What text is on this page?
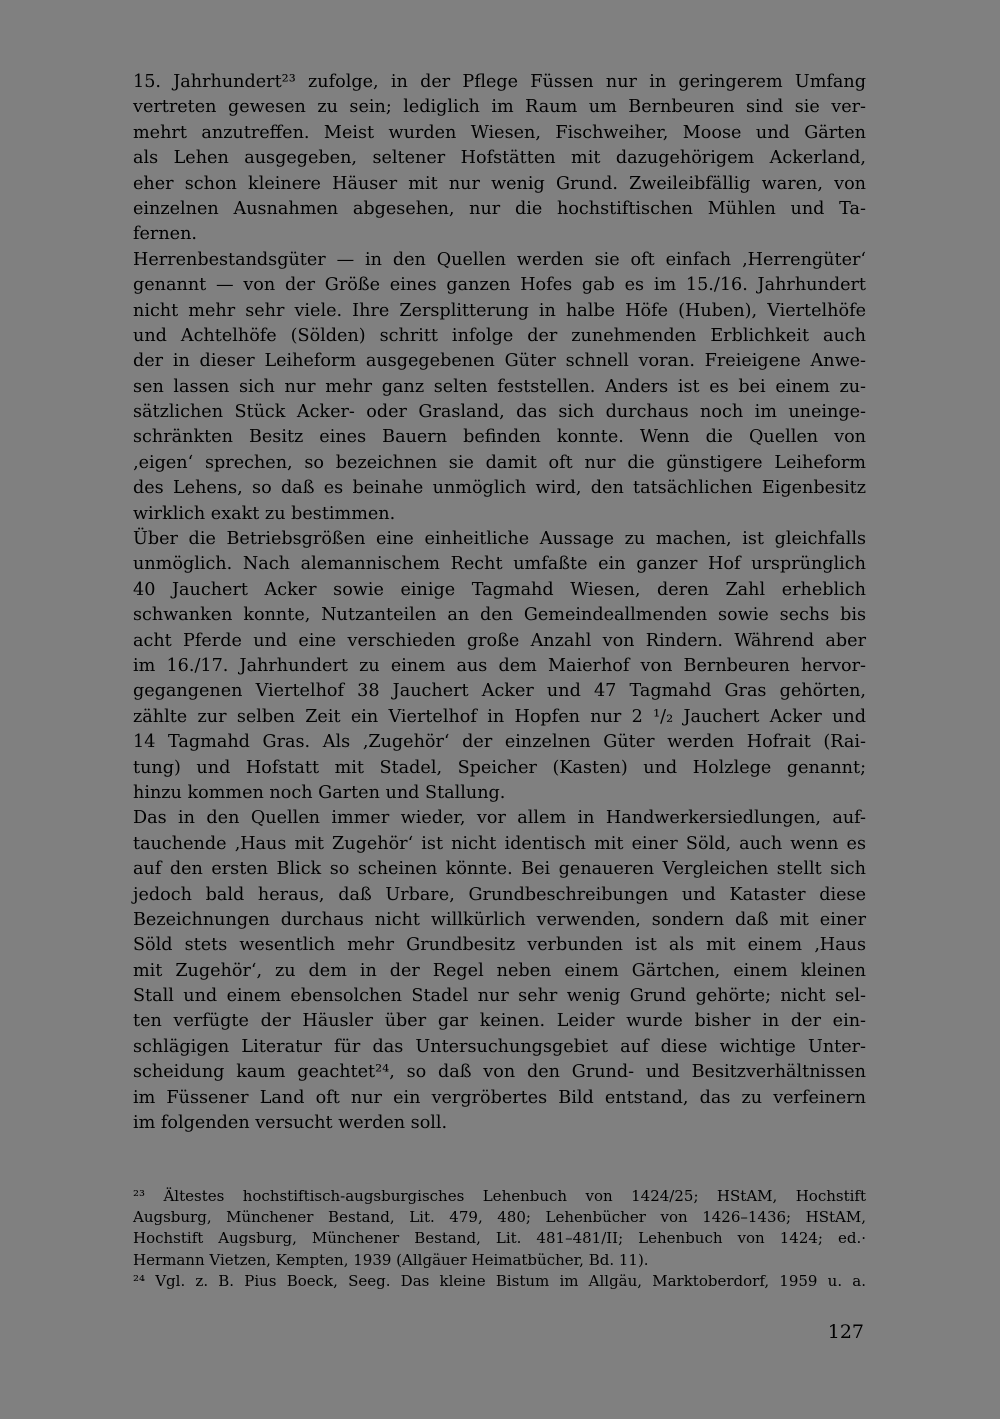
15. Jahrhundert²³ zufolge, in der Pflege Füssen nur in geringerem Umfang
vertreten gewesen zu sein; lediglich im Raum um Bernbeuren sind sie ver-
mehrt anzutreffen. Meist wurden Wiesen, Fischweiher, Moose und Gärten
als Lehen ausgegeben, seltener Hofstätten mit dazugehörigem Ackerland,
eher schon kleinere Häuser mit nur wenig Grund. Zweileibfällig waren, von
einzelnen Ausnahmen abgesehen, nur die hochstiftischen Mühlen und Ta-
fernen.
Herrenbestandsgüter — in den Quellen werden sie oft einfach ‚Herrengüter‘
genannt — von der Größe eines ganzen Hofes gab es im 15./16. Jahrhundert
nicht mehr sehr viele. Ihre Zersplitterung in halbe Höfe (Huben), Viertelhöfe
und Achtelhöfe (Sölden) schritt infolge der zunehmenden Erblichkeit auch
der in dieser Leiheform ausgegebenen Güter schnell voran. Freieigene Anwe-
sen lassen sich nur mehr ganz selten feststellen. Anders ist es bei einem zu-
sätzlichen Stück Acker- oder Grasland, das sich durchaus noch im uneinge-
schränkten Besitz eines Bauern befinden konnte. Wenn die Quellen von
‚eigen‘ sprechen, so bezeichnen sie damit oft nur die günstigere Leiheform
des Lehens, so daß es beinahe unmöglich wird, den tatsächlichen Eigenbesitz
wirklich exakt zu bestimmen.
Über die Betriebsgrößen eine einheitliche Aussage zu machen, ist gleichfalls
unmöglich. Nach alemannischem Recht umfaßte ein ganzer Hof ursprünglich
40 Jauchert Acker sowie einige Tagmahd Wiesen, deren Zahl erheblich
schwanken konnte, Nutzanteilen an den Gemeindeallmenden sowie sechs bis
acht Pferde und eine verschieden große Anzahl von Rindern. Während aber
im 16./17. Jahrhundert zu einem aus dem Maierhof von Bernbeuren hervor-
gegangenen Viertelhof 38 Jauchert Acker und 47 Tagmahd Gras gehörten,
zählte zur selben Zeit ein Viertelhof in Hopfen nur 2 ¹/₂ Jauchert Acker und
14 Tagmahd Gras. Als ‚Zugehör‘ der einzelnen Güter werden Hofrait (Rai-
tung) und Hofstatt mit Stadel, Speicher (Kasten) und Holzlege genannt;
hinzu kommen noch Garten und Stallung.
Das in den Quellen immer wieder, vor allem in Handwerkersiedlungen, auf-
tauchende ‚Haus mit Zugehör‘ ist nicht identisch mit einer Söld, auch wenn es
auf den ersten Blick so scheinen könnte. Bei genaueren Vergleichen stellt sich
jedoch bald heraus, daß Urbare, Grundbeschreibungen und Kataster diese
Bezeichnungen durchaus nicht willkürlich verwenden, sondern daß mit einer
Söld stets wesentlich mehr Grundbesitz verbunden ist als mit einem ‚Haus
mit Zugehör‘, zu dem in der Regel neben einem Gärtchen, einem kleinen
Stall und einem ebensolchen Stadel nur sehr wenig Grund gehörte; nicht sel-
ten verfügte der Häusler über gar keinen. Leider wurde bisher in der ein-
schlägigen Literatur für das Untersuchungsgebiet auf diese wichtige Unter-
scheidung kaum geachtet²⁴, so daß von den Grund- und Besitzverhältnissen
im Füssener Land oft nur ein vergröbertes Bild entstand, das zu verfeinern
im folgenden versucht werden soll.
²³ Ältestes hochstiftisch-augsburgisches Lehenbuch von 1424/25; HStAM, Hochstift
Augsburg, Münchener Bestand, Lit. 479, 480; Lehenbücher von 1426–1436; HStAM,
Hochstift Augsburg, Münchener Bestand, Lit. 481–481/II; Lehenbuch von 1424; ed.·
Hermann Vietzen, Kempten, 1939 (Allgäuer Heimatbücher, Bd. 11).
²⁴ Vgl. z. B. Pius Boeck, Seeg. Das kleine Bistum im Allgäu, Marktoberdorf, 1959 u. a.
127
